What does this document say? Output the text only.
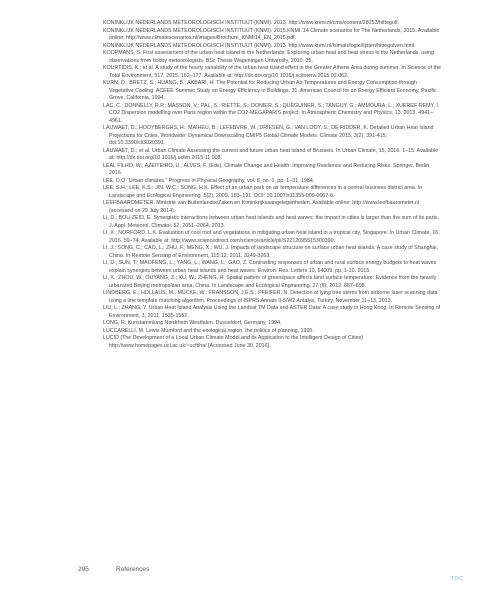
KONINKLIJK NEDERLANDS METEOROLOGISCH INSTITUUT (KNMI). 2013. http://www.knmi.nl/cms/content/28253/hittegolf.
KONINKLIJK NEDERLANDS METEOROLOGISCH INSTITUUT (KNMI). 2015.KNMI '14 Climate scenarios for The Netherlands, 2015. Available online: http://www.climatescenarios.nl/images/Brochure_KNMI14_EN_2015.pdf.
KONINKLIJK NEDERLANDS METEOROLOGISCH INSTITUUT (KNMI). 2013. http://www.knmi.nl/klimatologie/lijsten/hittegolven.html.
KOOPMANS, S. First assessment of the urban heat island in the Netherlands: Exploring urban heat and heat stress in the Netherlands, using observations from hobby meteorologists. BSc Thesis Wageningen University, 2010. 35.
KOURTIDIS, K.; et al. A study of the hourly variability of the urban heat island effect in the Greater Athens Area during summer. In Science of the Total Environment, 517, 2015. 162–177. Available at: http://dx.doi.org/10.1016/j.scitotenv.2015.02.062.
KURN, D.; BRETZ, S.; HUANG, B.; AKBARI, H. The Potential for Reducing Urban Air Temperatures and Energy Consumption through Vegetative Cooling. ACEEE Summer Study on Energy Efficiency in Buildings, 31. American Council for an Energy Efficient Economy, Pacific Grove, California, 1994.
LAC, C.; DONNELLY, R.P.; MASSON, V.; PAL, S.; RIETTE, S.; DONIER, S.; QUEGUINER, S.; TANGUY, G.; AMMOURA, L.; XUEREF-REMY, I. CO2 Dispersion modelling over Paris region within the CO2-MEGAPARIS project. In Atmospheric Chemistry and Physics, 13, 2013. 4941–4961.
LAUWAET, D.; HOOYBERGHS, H.; MAIHEU, B.; LEFEBVRE, W.; DRIESEN, G.; VAN LOOY, S.; DE RIDDER, K. Detailed Urban Heat Island Projections for Cities, Worldwide: Dynamical Downscaling CMIP5 Global Climate Models. Climate 2015, 3(2), 391-415; doi:10.3390/cli3020391.
LAUWAET, D.; et al. Urban Climate Assessing the current and future urban heat island of Brussels. In Urban Climate, 15, 2016. 1–15. Available at: http://dx.doi.org/10.1016/j.uclim.2015.11.008.
LEAL FILHO, W.; AZEITEIRO, U.; ALVES, F. (Eds). Climate Change and Health: Improving Resilience and Reducing Risks. Springer, Berlin, 2016.
LEE, D.O "Urban climates," Progress in Physical Geography, vol. 8, no. 1, pp. 1–31, 1984.
LEE, S.H.; LEE, K.S.; JIN, W.C.; SONG, H.K. Effect of an urban park on air temperature differences in a central business district area. In Landscape and Ecological Engineering, 5(2), 2009. 183–191. DOI: 10.1007/s11355-009-0067-6.
LEEFBAAROMETER. Ministrie van BuitenlandseZaken en Koninkrijksaangelegenheden. Available online: http://www.leefbaarometer.nl (accessed on 29 July 2014).
LI, D.; BOU-ZEID, E. Synergistic interactions between urban heat islands and heat waves: the impact in cities is larger than the sum of its parts. J. Appl. Meteorol. Climatol. 52, 2051–2064. 2013.
LI, X.; NORFORD, L.K. Evaluation of cool roof and vegetations in mitigating urban heat island in a tropical city, Singapore. In Urban Climate, 16, 2016. 59–74. Available at: http://www.sciencedirect.com/science/article/pii/S2212095515300390.
LI, J.; SONG, C.; CAO, L.; ZHU, F.; MENG, X.; WU, J. Impacts of landscape structure on surface urban heat islands: A case study of Shanghai, China. In Remote Sensing of Environment, 115:12, 2011. 3249-3263.
LI, D.; SUN, T.; MAOFENG, L.; YANG, L.; WANG, L.; GAO, Z. Contrasting responses of urban and rural surface energy budgets to heat waves explain synergies between urban heat islands and heat waves. Environ. Res. Letters 10, 54009, pp. 1-10. 2015.
LI, X.; ZHOU, W.; OUYANG, Z.; XU, W.; ZHENG, H. Spatial pattern of greenspace affects land surface temperature: Evidence from the heavily urbanized Beijing metropolitan area, China. In Landscape and Ecological Engineering, 27 (6), 2012. 887–898.
LINDBERG, E.; HOLLAUS, M.; MÜCKE, W.; FRANSSON, J.E.S.; PFEIFER, N. Detection of lying tree stems from airborne laser scanning data using a line template matching algorithm. Proceedings of ISPRS Annals II-5/W2 Antalya, Turkey, November 11–13, 2013.
LIU, L.; ZHANG, Y. Urban Heat Island Analysis Using the Landsat TM Data and ASTER Data: A case study in Hong Kong. In Remote Sensing of Environment, 3, 2011. 1535-1552.
LONG, R. Kunstammlung Nordrhein Westfalen. Dusseldorf, Germany, 1994.
LUCCARELLI, M. Lewis Mumford and the ecological region. the politics of planning, 1995.
LUCID (The Development of a Local Urban Climate Model and its Application to the Intelligent Design of Cities) http://www.homepages.ucl.ac.uk/~ucftiha/ [Accessed June 30, 2016].
295	References
TOC
